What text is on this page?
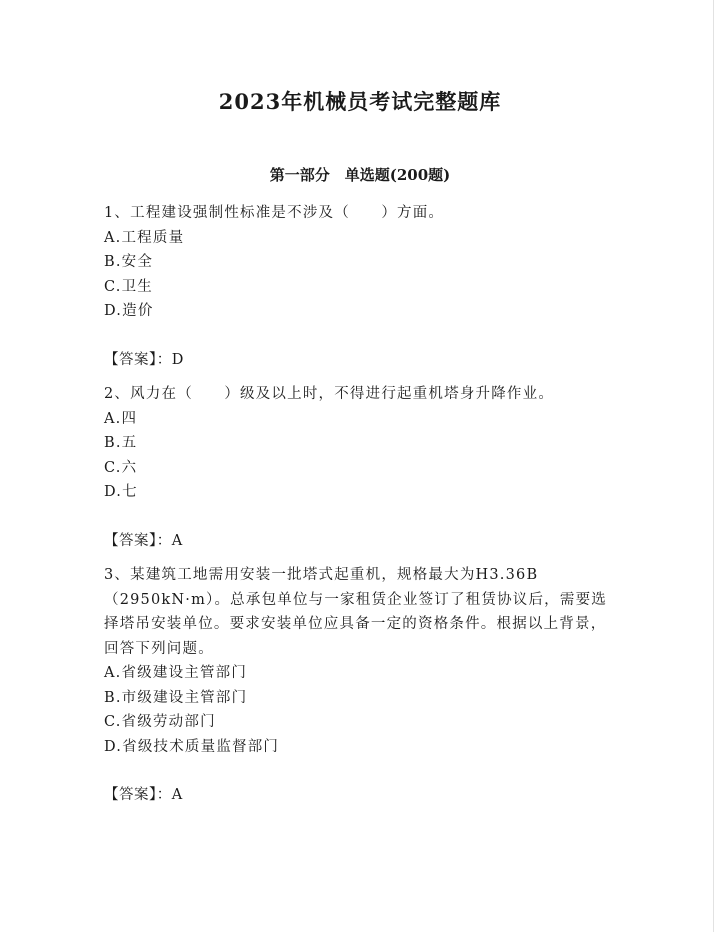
2023年机械员考试完整题库
第一部分　单选题(200题)

1、工程建设强制性标准是不涉及（　　）方面。

A.工程质量

B.安全

C.卫生

D.造价

【答案】：D

2、风力在（　　）级及以上时，不得进行起重机塔身升降作业。

A.四

B.五

C.六

D.七

【答案】：A

3、某建筑工地需用安装一批塔式起重机，规格最大为H3.36B（2950kN·m）。总承包单位与一家租赁企业签订了租赁协议后，需要选择塔吊安装单位。要求安装单位应具备一定的资格条件。根据以上背景，回答下列问题。

A.省级建设主管部门

B.市级建设主管部门

C.省级劳动部门

D.省级技术质量监督部门

【答案】：A
